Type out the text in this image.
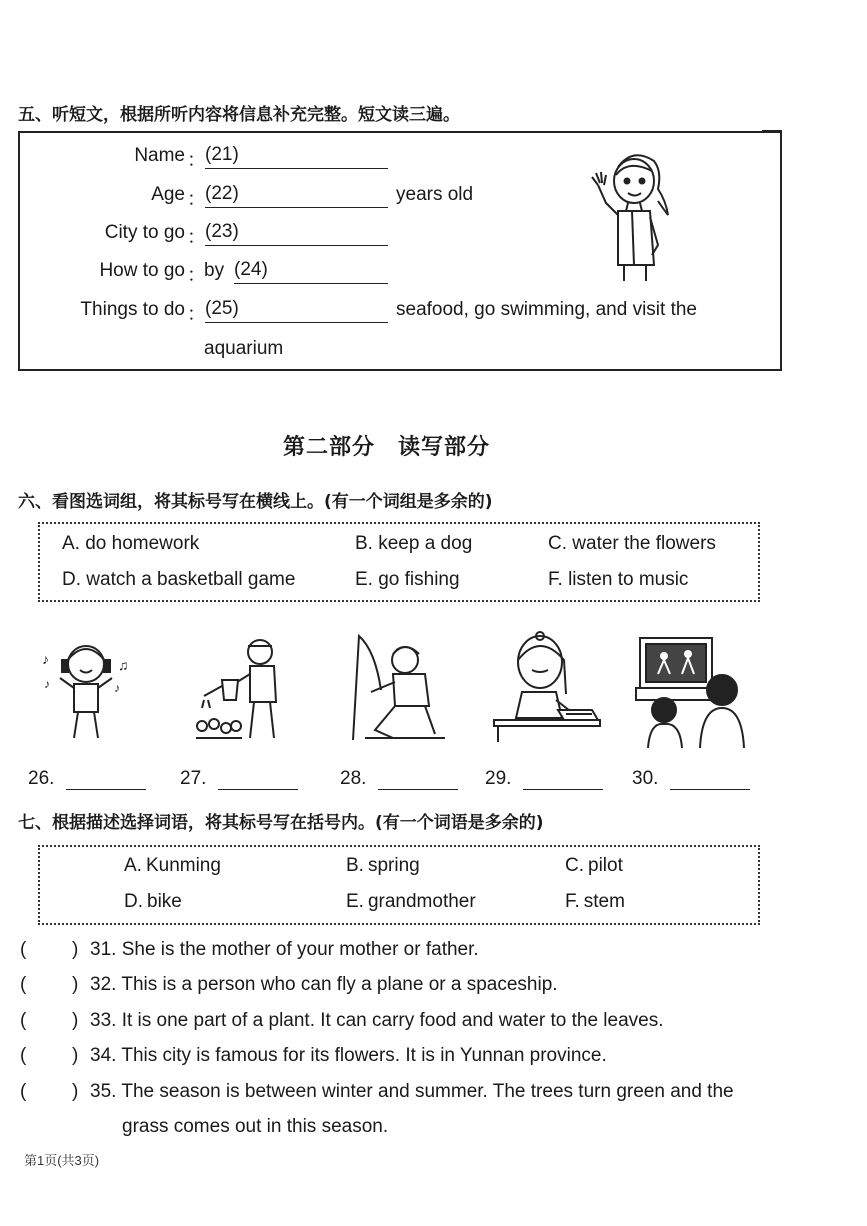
五、听短文，根据所听内容将信息补充完整。短文读三遍。
Name ：
(21)
Age ：
(22)	years old
City to go ：
(23)
How to go ：
by (24)
Things to do ：
(25)	seafood, go swimming, and visit the
aquarium
第二部分　读写部分
六、看图选词组，将其标号写在横线上。(有一个词组是多余的)
A. do homework	B. keep a dog	C. water the flowers
D. watch a basketball game	E. go fishing	F. listen to music
♪	♫
♪	♪
26.	27.	28.	29.	30.
七、根据描述选择词语，将其标号写在括号内。(有一个词语是多余的)
A. Kunming	B. spring	C. pilot
D. bike	E. grandmother	F. stem
( ) 31. She is the mother of your mother or father.
( ) 32. This is a person who can fly a plane or a spaceship.
( ) 33. It is one part of a plant. It can carry food and water to the leaves.
( ) 34. This city is famous for its flowers. It is in Yunnan province.
( ) 35. The season is between winter and summer. The trees turn green and the
grass comes out in this season.
第1页(共3页)
